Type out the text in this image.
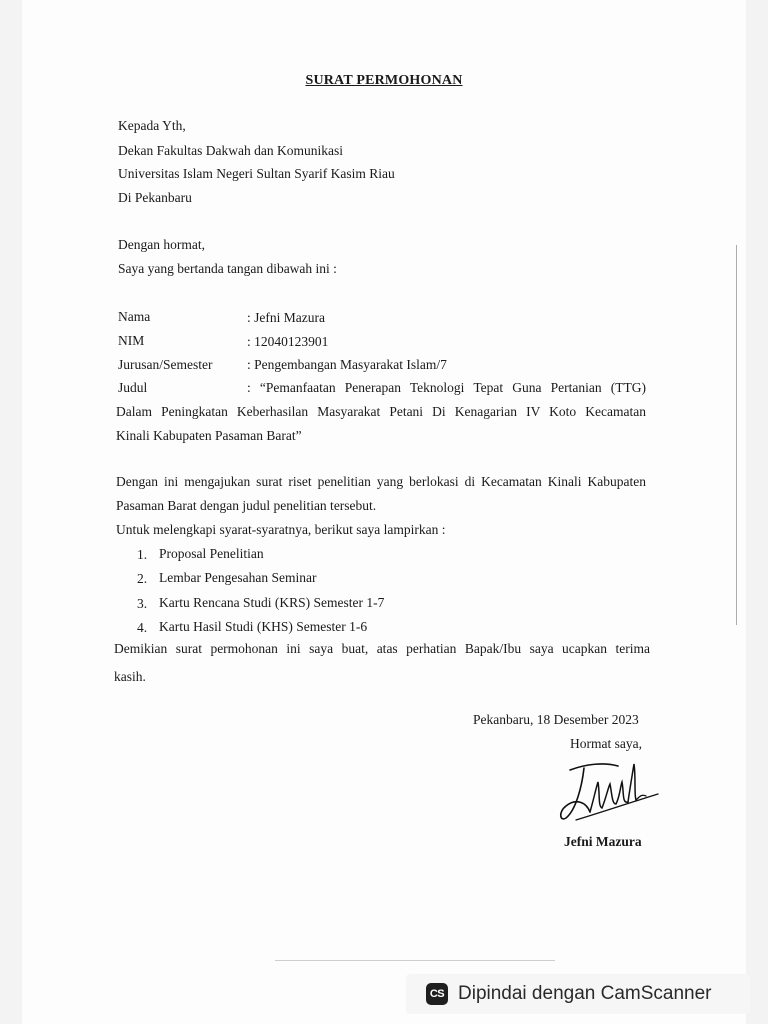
SURAT PERMOHONAN
Kepada Yth,
Dekan Fakultas Dakwah dan Komunikasi
Universitas Islam Negeri Sultan Syarif Kasim Riau
Di Pekanbaru
Dengan hormat,
Saya yang bertanda tangan dibawah ini :
Nama	: Jefni Mazura
NIM	: 12040123901
Jurusan/Semester	: Pengembangan Masyarakat Islam/7
Judul	: “Pemanfaatan Penerapan Teknologi Tepat Guna Pertanian (TTG)
Dalam Peningkatan Keberhasilan Masyarakat Petani Di Kenagarian IV Koto Kecamatan
Kinali Kabupaten Pasaman Barat”
Dengan ini mengajukan surat riset penelitian yang berlokasi di Kecamatan Kinali Kabupaten
Pasaman Barat dengan judul penelitian tersebut.
Untuk melengkapi syarat-syaratnya, berikut saya lampirkan :
1. Proposal Penelitian
2. Lembar Pengesahan Seminar
3. Kartu Rencana Studi (KRS) Semester 1-7
4. Kartu Hasil Studi (KHS) Semester 1-6
Demikian surat permohonan ini saya buat, atas perhatian Bapak/Ibu saya ucapkan terima
kasih.
Pekanbaru, 18 Desember 2023
Hormat saya,
Jefni Mazura
CS Dipindai dengan CamScanner
